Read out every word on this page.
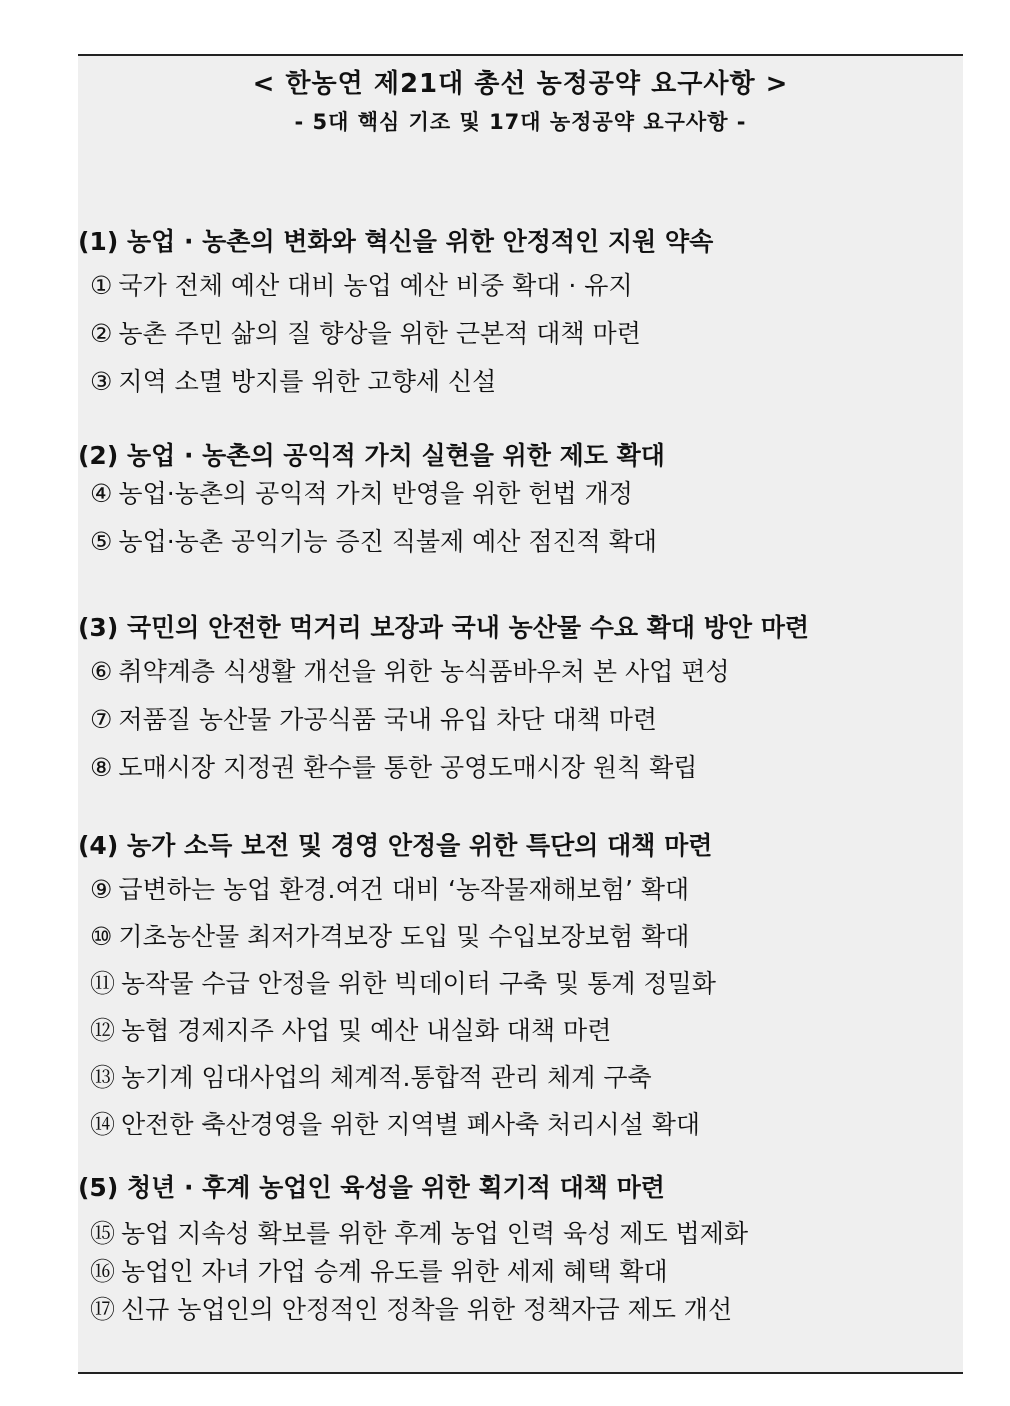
< 한농연 제21대 총선 농정공약 요구사항 >
- 5대 핵심 기조 및 17대 농정공약 요구사항 -
(1) 농업 · 농촌의 변화와 혁신을 위한 안정적인 지원 약속
① 국가 전체 예산 대비 농업 예산 비중 확대 · 유지
② 농촌 주민 삶의 질 향상을 위한 근본적 대책 마련
③ 지역 소멸 방지를 위한 고향세 신설
(2) 농업 · 농촌의 공익적 가치 실현을 위한 제도 확대
④ 농업·농촌의 공익적 가치 반영을 위한 헌법 개정
⑤ 농업·농촌 공익기능 증진 직불제 예산 점진적 확대
(3) 국민의 안전한 먹거리 보장과 국내 농산물 수요 확대 방안 마련
⑥ 취약계층 식생활 개선을 위한 농식품바우처 본 사업 편성
⑦ 저품질 농산물 가공식품 국내 유입 차단 대책 마련
⑧ 도매시장 지정권 환수를 통한 공영도매시장 원칙 확립
(4) 농가 소득 보전 및 경영 안정을 위한 특단의 대책 마련
⑨ 급변하는 농업 환경.여건 대비 ‘농작물재해보험’ 확대
⑩ 기초농산물 최저가격보장 도입 및 수입보장보험 확대
⑪ 농작물 수급 안정을 위한 빅데이터 구축 및 통계 정밀화
⑫ 농협 경제지주 사업 및 예산 내실화 대책 마련
⑬ 농기계 임대사업의 체계적.통합적 관리 체계 구축
⑭ 안전한 축산경영을 위한 지역별 폐사축 처리시설 확대
(5) 청년 · 후계 농업인 육성을 위한 획기적 대책 마련
⑮ 농업 지속성 확보를 위한 후계 농업 인력 육성 제도 법제화
⑯ 농업인 자녀 가업 승계 유도를 위한 세제 혜택 확대
⑰ 신규 농업인의 안정적인 정착을 위한 정책자금 제도 개선
